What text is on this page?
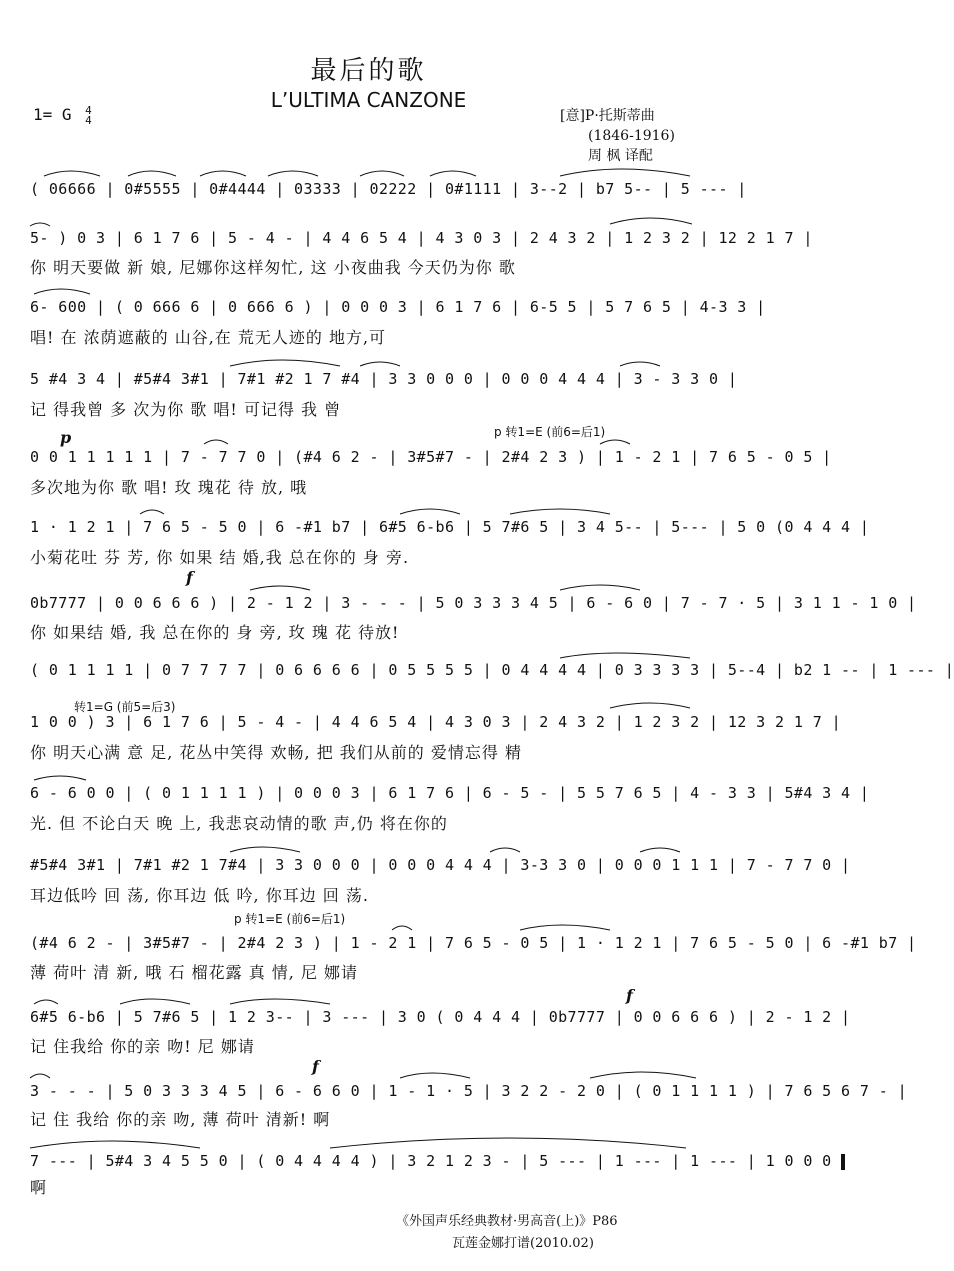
最后的歌
L’ULTIMA CANZONE
1= G 4
4	[意]P·托斯蒂曲
(1846-1916)
周 枫 译配
( 06666 | 0#5555 | 0#4444 | 03333 | 02222 | 0#1111 | 3--2 | b7 5-- | 5 --- |
5- ) 0 3 | 6 1 7 6 | 5 - 4 - | 4 4 6 5 4 | 4 3 0 3 | 2 4 3 2 | 1 2 3 2 | 12 2 1 7 |
你 明天要做 新 娘, 尼娜你这样匆忙, 这 小夜曲我 今天仍为你 歌
6- 600 | ( 0 666 6 | 0 666 6 ) | 0 0 0 3 | 6 1 7 6 | 6-5 5 | 5 7 6 5 | 4-3 3 |
唱! 在 浓荫遮蔽的 山谷,在 荒无人迹的 地方,可
5 #4 3 4 | #5#4 3#1 | 7#1 #2 1 7 #4 | 3 3 0 0 0 | 0 0 0 4 4 4 | 3 - 3 3 0 |
记 得我曾 多 次为你 歌 唱! 可记得 我 曾
p	p 转1=E (前6=后1)
0 0 1 1 1 1 1 | 7 - 7 7 0 | (#4 6 2 - | 3#5#7 - | 2#4 2 3 ) | 1 - 2 1 | 7 6 5 - 0 5 |
多次地为你 歌 唱! 玫 瑰花 待 放, 哦
1 · 1 2 1 | 7 6 5 - 5 0 | 6 -#1 b7 | 6#5 6-b6 | 5 7#6 5 | 3 4 5-- | 5--- | 5 0 (0 4 4 4 |
小菊花吐 芬 芳, 你 如果 结 婚,我 总在你的 身 旁.
f
0b7777 | 0 0 6 6 6 ) | 2 - 1 2 | 3 - - - | 5 0 3 3 3 4 5 | 6 - 6 0 | 7 - 7 · 5 | 3 1 1 - 1 0 |
你 如果结 婚, 我 总在你的 身 旁, 玫 瑰 花 待放!
( 0 1 1 1 1 | 0 7 7 7 7 | 0 6 6 6 6 | 0 5 5 5 5 | 0 4 4 4 4 | 0 3 3 3 3 | 5--4 | b2 1 -- | 1 --- |
转1=G (前5=后3)
1 0 0 ) 3 | 6 1 7 6 | 5 - 4 - | 4 4 6 5 4 | 4 3 0 3 | 2 4 3 2 | 1 2 3 2 | 12 3 2 1 7 |
你 明天心满 意 足, 花丛中笑得 欢畅, 把 我们从前的 爱情忘得 精
6 - 6 0 0 | ( 0 1 1 1 1 ) | 0 0 0 3 | 6 1 7 6 | 6 - 5 - | 5 5 7 6 5 | 4 - 3 3 | 5#4 3 4 |
光. 但 不论白天 晚 上, 我悲哀动情的歌 声,仍 将在你的
#5#4 3#1 | 7#1 #2 1 7#4 | 3 3 0 0 0 | 0 0 0 4 4 4 | 3-3 3 0 | 0 0 0 1 1 1 | 7 - 7 7 0 |
耳边低吟 回 荡, 你耳边 低 吟, 你耳边 回 荡.
p 转1=E (前6=后1)
(#4 6 2 - | 3#5#7 - | 2#4 2 3 ) | 1 - 2 1 | 7 6 5 - 0 5 | 1 · 1 2 1 | 7 6 5 - 5 0 | 6 -#1 b7 |
薄 荷叶 清 新, 哦 石 榴花露 真 情, 尼 娜请
f
6#5 6-b6 | 5 7#6 5 | 1 2 3-- | 3 --- | 3 0 ( 0 4 4 4 | 0b7777 | 0 0 6 6 6 ) | 2 - 1 2 |
记 住我给 你的亲 吻! 尼 娜请
f
3 - - - | 5 0 3 3 3 4 5 | 6 - 6 6 0 | 1 - 1 · 5 | 3 2 2 - 2 0 | ( 0 1 1 1 1 ) | 7 6 5 6 7 - |
记 住 我给 你的亲 吻, 薄 荷叶 清新! 啊
7 --- | 5#4 3 4 5 5 0 | ( 0 4 4 4 4 ) | 3 2 1 2 3 - | 5 --- | 1 --- | 1 --- | 1 0 0 0
啊
《外国声乐经典教材·男高音(上)》P86
瓦莲金娜打谱(2010.02)
